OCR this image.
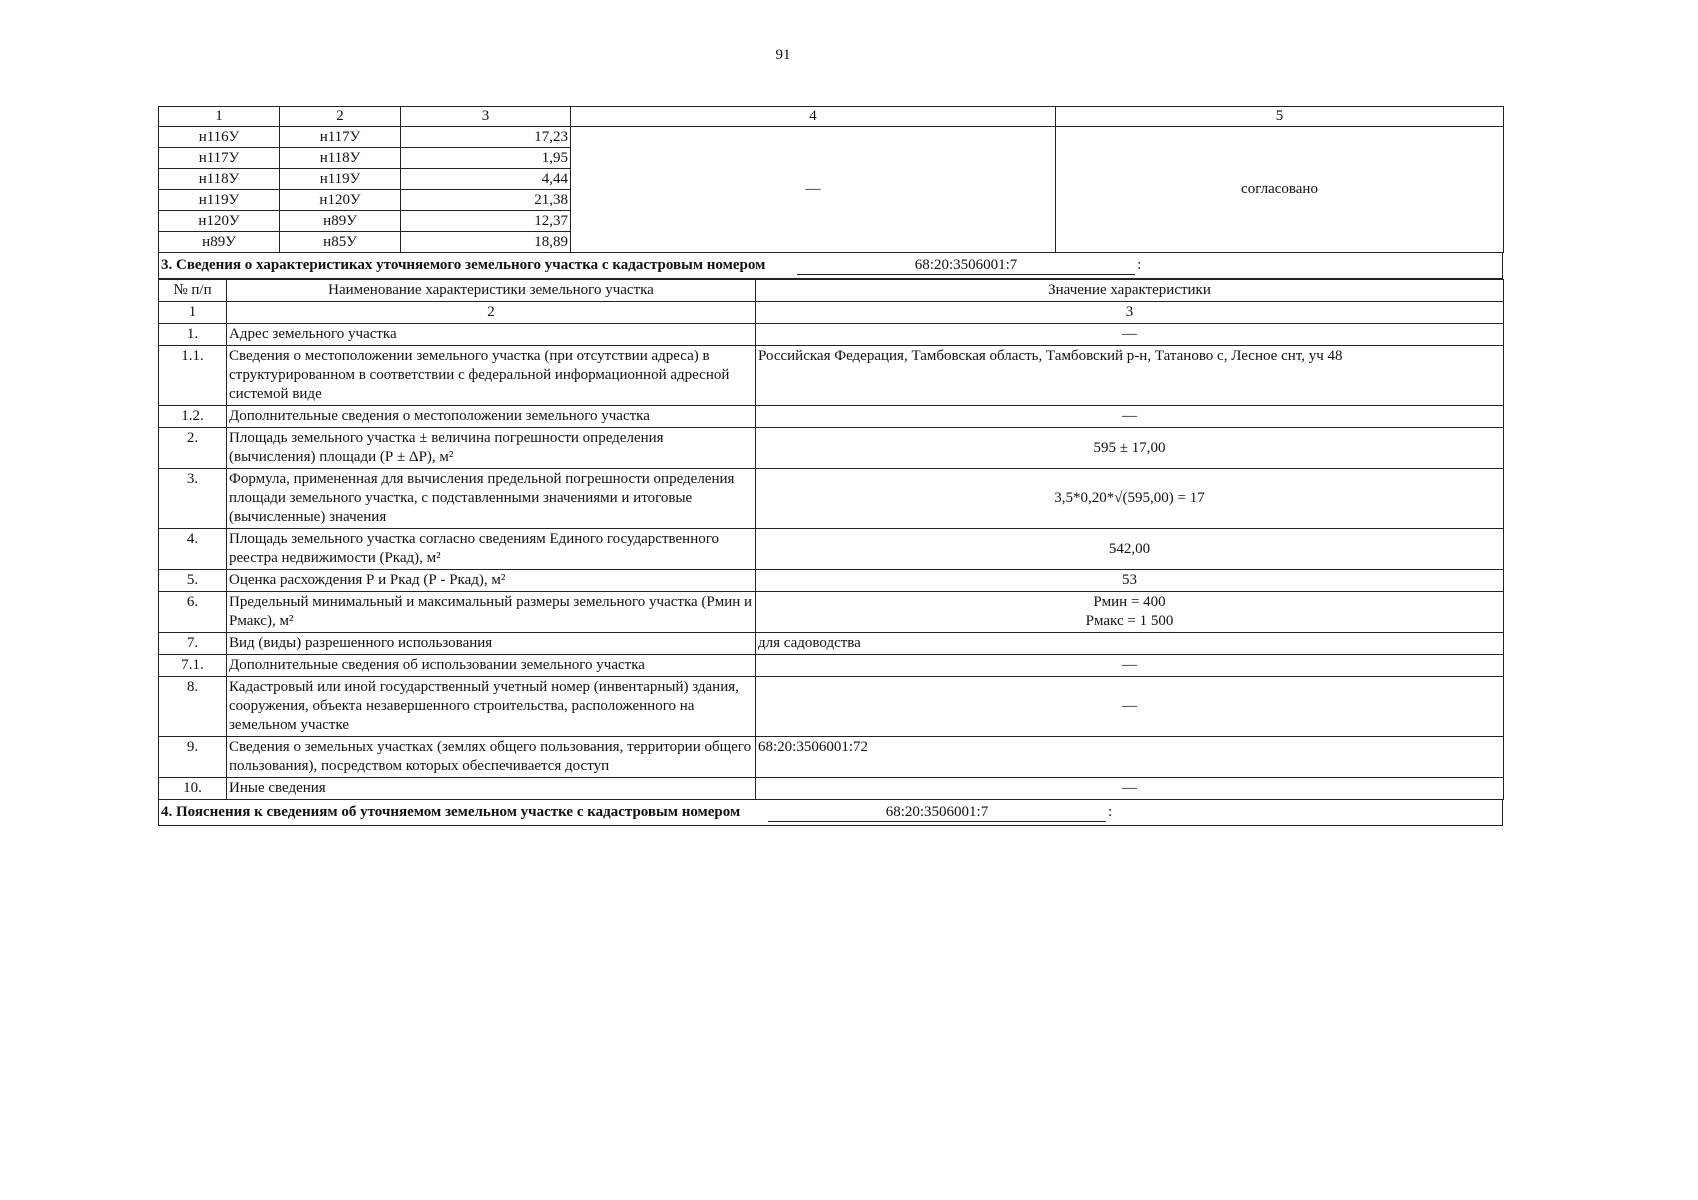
91
1	2	3	4	5
н116У	н117У	17,23	—	согласовано
н117У	н118У	1,95		
н118У	н119У	4,44		
н119У	н120У	21,38		
н120У	н89У	12,37		
н89У	н85У	18,89		
3. Сведения о характеристиках уточняемого земельного участка с кадастровым номером	68:20:3506001:7	:
№ п/п	Наименование характеристики земельного участка	Значение характеристики
1	2	3
1.	Адрес земельного участка	—
1.1.	Сведения о местоположении земельного участка (при отсутствии адреса) в структурированном в соответствии с федеральной информационной адресной системой виде	Российская Федерация, Тамбовская область, Тамбовский р-н, Татаново с, Лесное снт, уч 48
1.2.	Дополнительные сведения о местоположении земельного участка	—
2.	Площадь земельного участка ± величина погрешности определения (вычисления) площади (Р ± ΔР), м²	595 ± 17,00
3.	Формула, примененная для вычисления предельной погрешности определения площади земельного участка, с подставленными значениями и итоговые (вычисленные) значения	3,5*0,20*√(595,00) = 17
4.	Площадь земельного участка согласно сведениям Единого государственного реестра недвижимости (Ркад), м²	542,00
5.	Оценка расхождения Р и Ркад (Р - Ркад), м²	53
6.	Предельный минимальный и максимальный размеры земельного участка (Рмин и Рмакс), м²	Рмин = 400
Рмакс = 1 500

7.	Вид (виды) разрешенного использования	для садоводства
7.1.	Дополнительные сведения об использовании земельного участка	—
8.	Кадастровый или иной государственный учетный номер (инвентарный) здания, сооружения, объекта незавершенного строительства, расположенного на земельном участке	—
9.	Сведения о земельных участках (землях общего пользования, территории общего пользования), посредством которых обеспечивается доступ	68:20:3506001:72
10.	Иные сведения	—
4. Пояснения к сведениям об уточняемом земельном участке с кадастровым номером	68:20:3506001:7	:
